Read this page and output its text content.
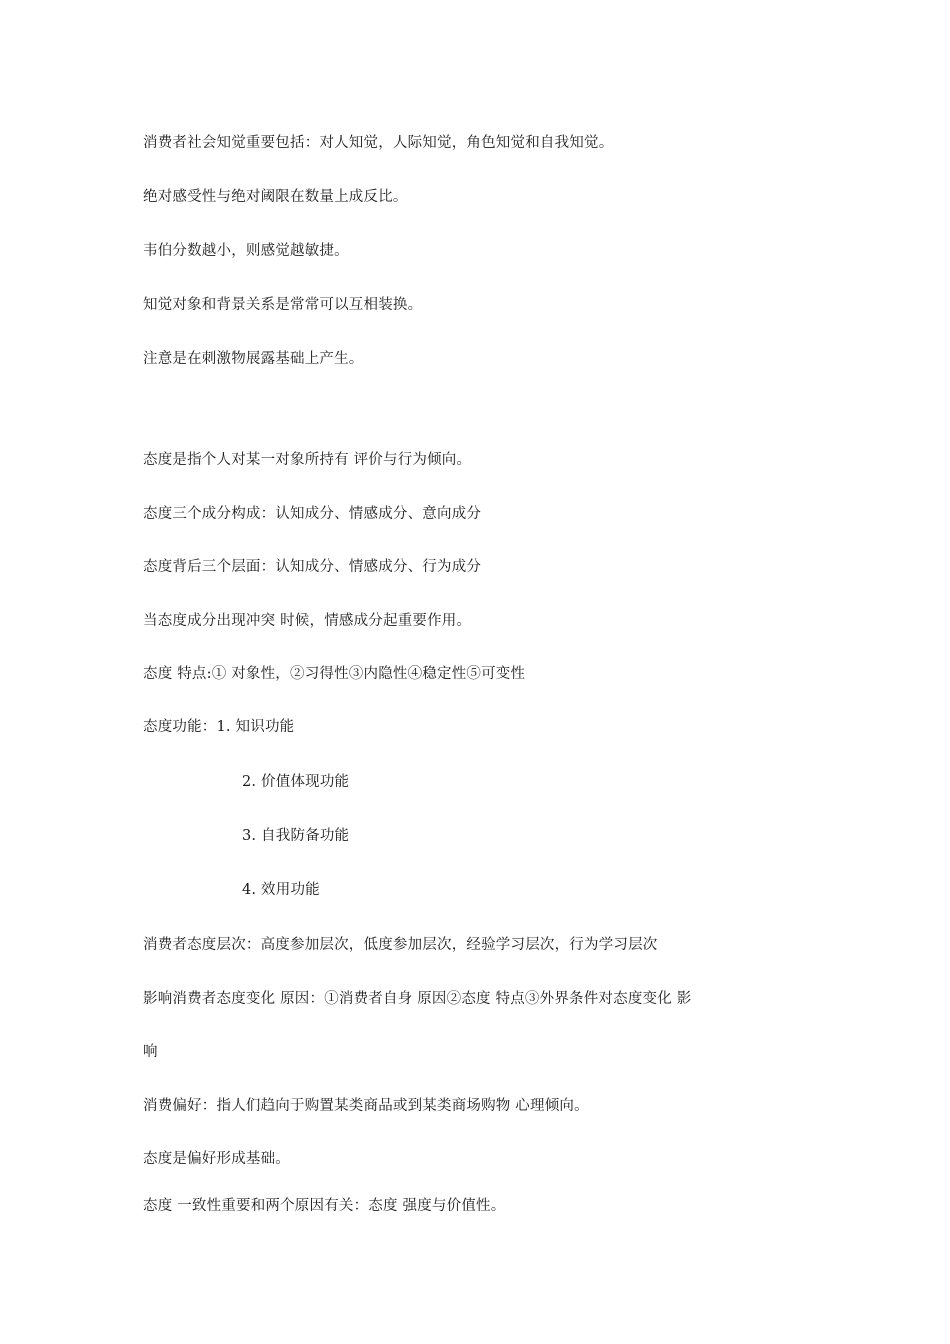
消费者社会知觉重要包括：对人知觉，人际知觉，角色知觉和自我知觉。
绝对感受性与绝对阈限在数量上成反比。
韦伯分数越小，则感觉越敏捷。
知觉对象和背景关系是常常可以互相装换。
注意是在刺激物展露基础上产生。
态度是指个人对某一对象所持有 评价与行为倾向。
态度三个成分构成：认知成分、情感成分、意向成分
态度背后三个层面：认知成分、情感成分、行为成分
当态度成分出现冲突 时候，情感成分起重要作用。
态度 特点:① 对象性，②习得性③内隐性④稳定性⑤可变性
态度功能：1. 知识功能
2. 价值体现功能
3. 自我防备功能
4. 效用功能
消费者态度层次：高度参加层次，低度参加层次，经验学习层次，行为学习层次
影响消费者态度变化 原因：①消费者自身 原因②态度 特点③外界条件对态度变化 影
响
消费偏好：指人们趋向于购置某类商品或到某类商场购物 心理倾向。
态度是偏好形成基础。
态度 一致性重要和两个原因有关：态度 强度与价值性。
